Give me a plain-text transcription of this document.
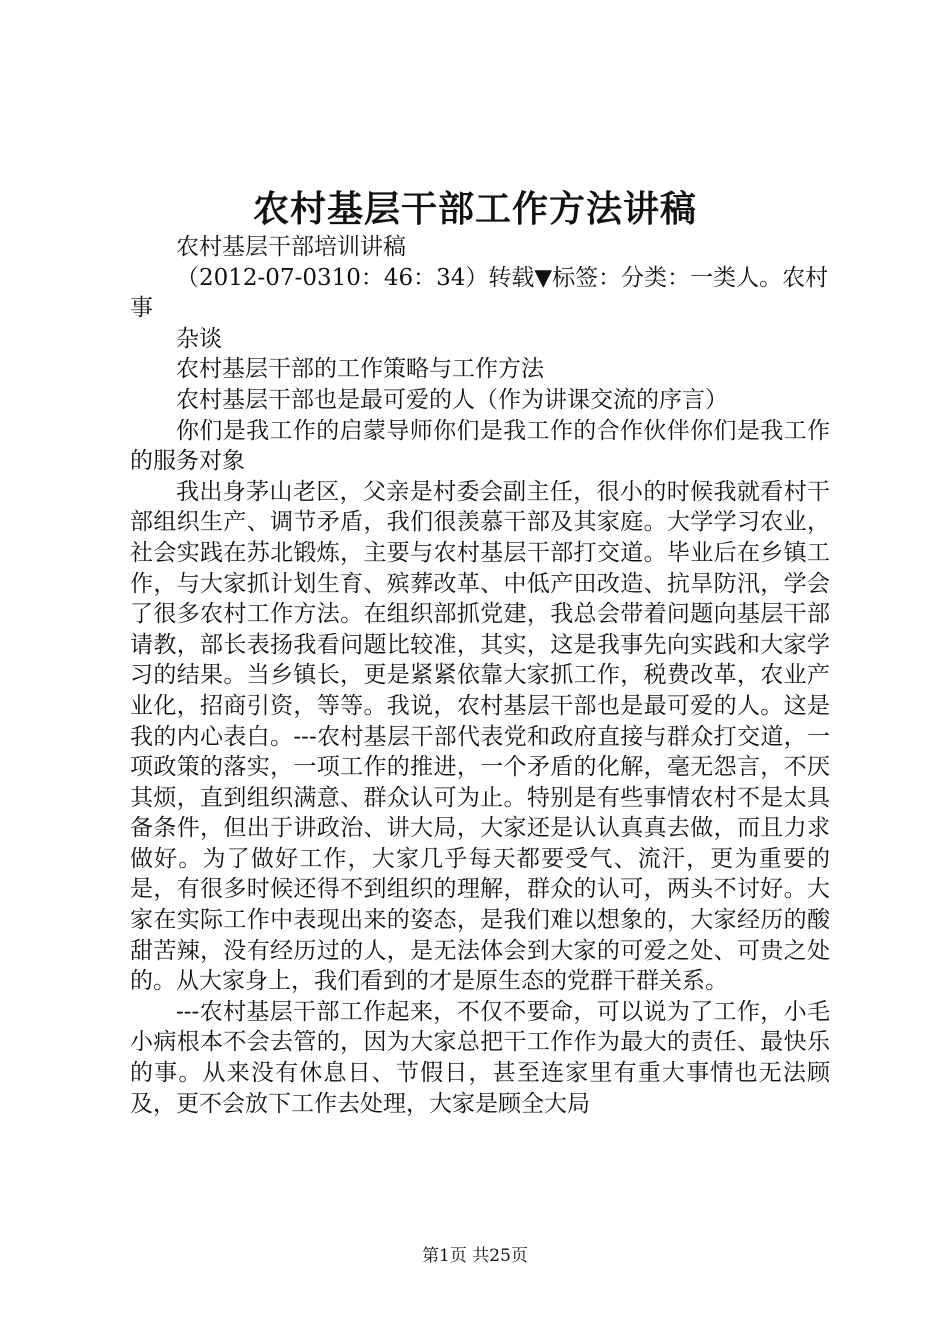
农村基层干部工作方法讲稿

农村基层干部培训讲稿

（2012-07-0310：46：34）转载▼标签：分类：一类人。农村事

杂谈

农村基层干部的工作策略与工作方法

农村基层干部也是最可爱的人（作为讲课交流的序言）

你们是我工作的启蒙导师你们是我工作的合作伙伴你们是我工作的服务对象

我出身茅山老区，父亲是村委会副主任，很小的时候我就看村干部组织生产、调节矛盾，我们很羡慕干部及其家庭。大学学习农业，社会实践在苏北锻炼，主要与农村基层干部打交道。毕业后在乡镇工作，与大家抓计划生育、殡葬改革、中低产田改造、抗旱防汛，学会了很多农村工作方法。在组织部抓党建，我总会带着问题向基层干部请教，部长表扬我看问题比较准，其实，这是我事先向实践和大家学习的结果。当乡镇长，更是紧紧依靠大家抓工作，税费改革，农业产业化，招商引资，等等。我说，农村基层干部也是最可爱的人。这是我的内心表白。---农村基层干部代表党和政府直接与群众打交道，一项政策的落实，一项工作的推进，一个矛盾的化解，毫无怨言，不厌其烦，直到组织满意、群众认可为止。特别是有些事情农村不是太具备条件，但出于讲政治、讲大局，大家还是认认真真去做，而且力求做好。为了做好工作，大家几乎每天都要受气、流汗，更为重要的是，有很多时候还得不到组织的理解，群众的认可，两头不讨好。大家在实际工作中表现出来的姿态，是我们难以想象的，大家经历的酸甜苦辣，没有经历过的人，是无法体会到大家的可爱之处、可贵之处的。从大家身上，我们看到的才是原生态的党群干群关系。

---农村基层干部工作起来，不仅不要命，可以说为了工作，小毛小病根本不会去管的，因为大家总把干工作作为最大的责任、最快乐的事。从来没有休息日、节假日，甚至连家里有重大事情也无法顾及，更不会放下工作去处理，大家是顾全大局

第1页 共25页
